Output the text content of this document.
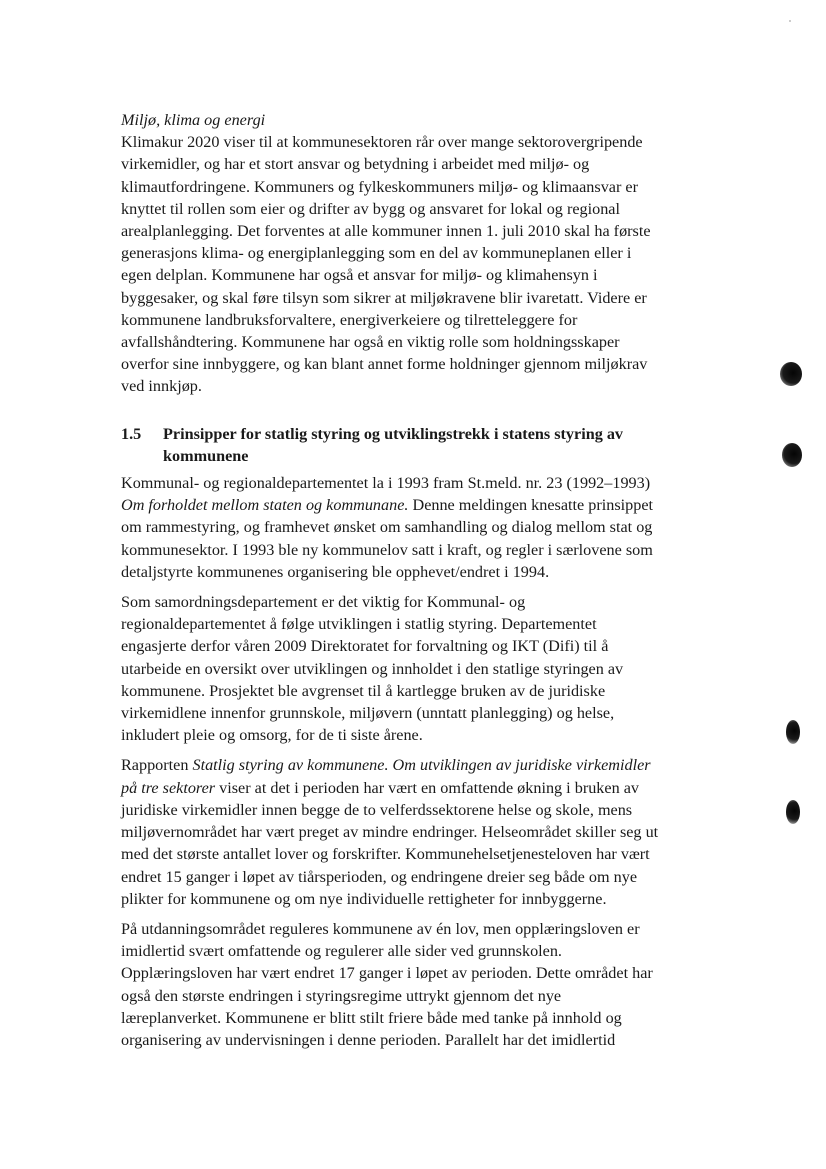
Miljø, klima og energi
Klimakur 2020 viser til at kommunesektoren rår over mange sektorovergripende
virkemidler, og har et stort ansvar og betydning i arbeidet med miljø- og
klimautfordringene. Kommuners og fylkeskommuners miljø- og klimaansvar er
knyttet til rollen som eier og drifter av bygg og ansvaret for lokal og regional
arealplanlegging. Det forventes at alle kommuner innen 1. juli 2010 skal ha første
generasjons klima- og energiplanlegging som en del av kommuneplanen eller i
egen delplan. Kommunene har også et ansvar for miljø- og klimahensyn i
byggesaker, og skal føre tilsyn som sikrer at miljøkravene blir ivaretatt. Videre er
kommunene landbruksforvaltere, energiverkeiere og tilretteleggere for
avfallshåndtering. Kommunene har også en viktig rolle som holdningsskaper
overfor sine innbyggere, og kan blant annet forme holdninger gjennom miljøkrav
ved innkjøp.
1.5	Prinsipper for statlig styring og utviklingstrekk i statens styring av
kommunene
Kommunal- og regionaldepartementet la i 1993 fram St.meld. nr. 23 (1992–1993)
Om forholdet mellom staten og kommunane. Denne meldingen knesatte prinsippet
om rammestyring, og framhevet ønsket om samhandling og dialog mellom stat og
kommunesektor. I 1993 ble ny kommunelov satt i kraft, og regler i særlovene som
detaljstyrte kommunenes organisering ble opphevet/endret i 1994.
Som samordningsdepartement er det viktig for Kommunal- og
regionaldepartementet å følge utviklingen i statlig styring. Departementet
engasjerte derfor våren 2009 Direktoratet for forvaltning og IKT (Difi) til å
utarbeide en oversikt over utviklingen og innholdet i den statlige styringen av
kommunene. Prosjektet ble avgrenset til å kartlegge bruken av de juridiske
virkemidlene innenfor grunnskole, miljøvern (unntatt planlegging) og helse,
inkludert pleie og omsorg, for de ti siste årene.
Rapporten Statlig styring av kommunene. Om utviklingen av juridiske virkemidler
på tre sektorer viser at det i perioden har vært en omfattende økning i bruken av
juridiske virkemidler innen begge de to velferdssektorene helse og skole, mens
miljøvernområdet har vært preget av mindre endringer. Helseområdet skiller seg ut
med det største antallet lover og forskrifter. Kommunehelsetjenesteloven har vært
endret 15 ganger i løpet av tiårsperioden, og endringene dreier seg både om nye
plikter for kommunene og om nye individuelle rettigheter for innbyggerne.
På utdanningsområdet reguleres kommunene av én lov, men opplæringsloven er
imidlertid svært omfattende og regulerer alle sider ved grunnskolen.
Opplæringsloven har vært endret 17 ganger i løpet av perioden. Dette området har
også den største endringen i styringsregime uttrykt gjennom det nye
læreplanverket. Kommunene er blitt stilt friere både med tanke på innhold og
organisering av undervisningen i denne perioden. Parallelt har det imidlertid
